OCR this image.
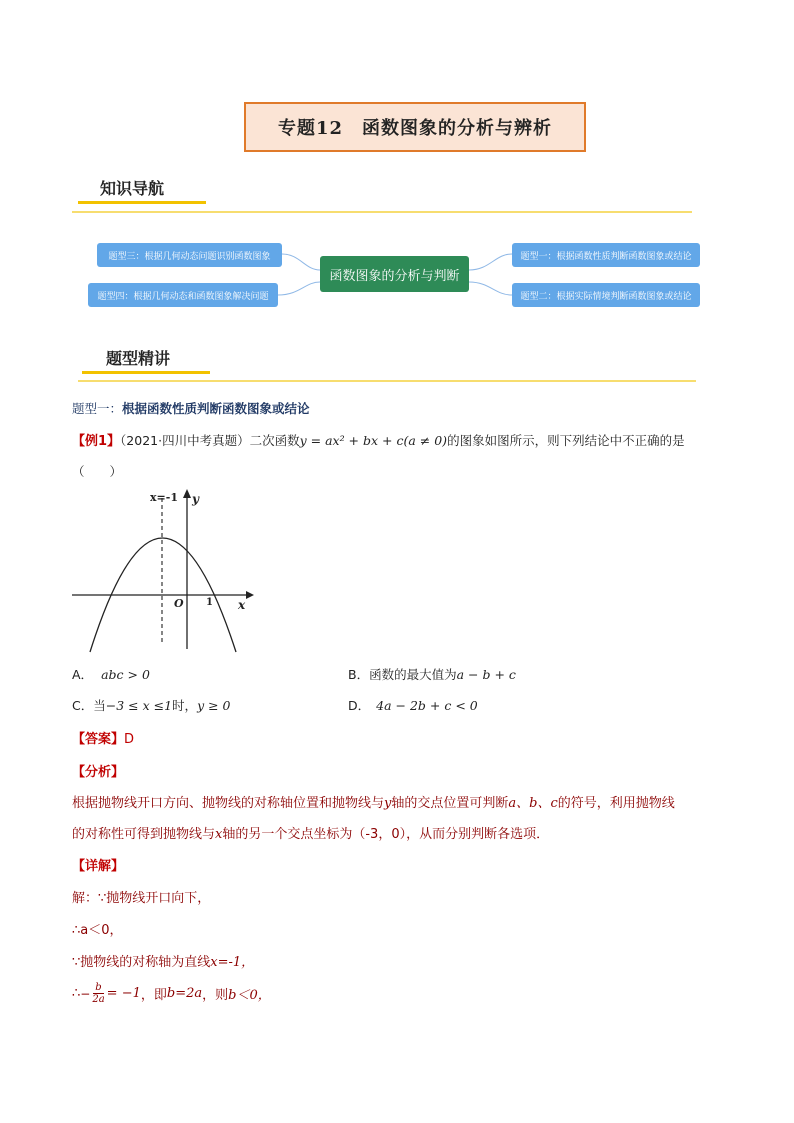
专题12　函数图象的分析与辨析
知识导航
题型三：根据几何动态问题识别函数图象
题型四：根据几何动态和函数图象解决问题
函数图象的分析与判断
题型一：根据函数性质判断函数图象或结论
题型二：根据实际情境判断函数图象或结论
题型精讲
题型一：根据函数性质判断函数图象或结论
【例1】（2021·四川中考真题）二次函数y = ax² + bx + c(a ≠ 0)的图象如图所示，则下列结论中不正确的是
（　　）
x=-1 y
x
O 1
A． abc > 0	B．函数的最大值为a − b + c
C．当−3 ≤ x ≤1时，y ≥ 0	D． 4a − 2b + c < 0
【答案】D
【分析】
根据抛物线开口方向、抛物线的对称轴位置和抛物线与y轴的交点位置可判断a、b、c的符号，利用抛物线
的对称性可得到抛物线与x轴的另一个交点坐标为（-3，0），从而分别判断各选项．
【详解】
解：∵抛物线开口向下，
∴a＜0，
∵抛物线的对称轴为直线x=-1，
∴ − $\frac{b}{2a} = -1$ ，即 b=2a ，则 b＜0，
